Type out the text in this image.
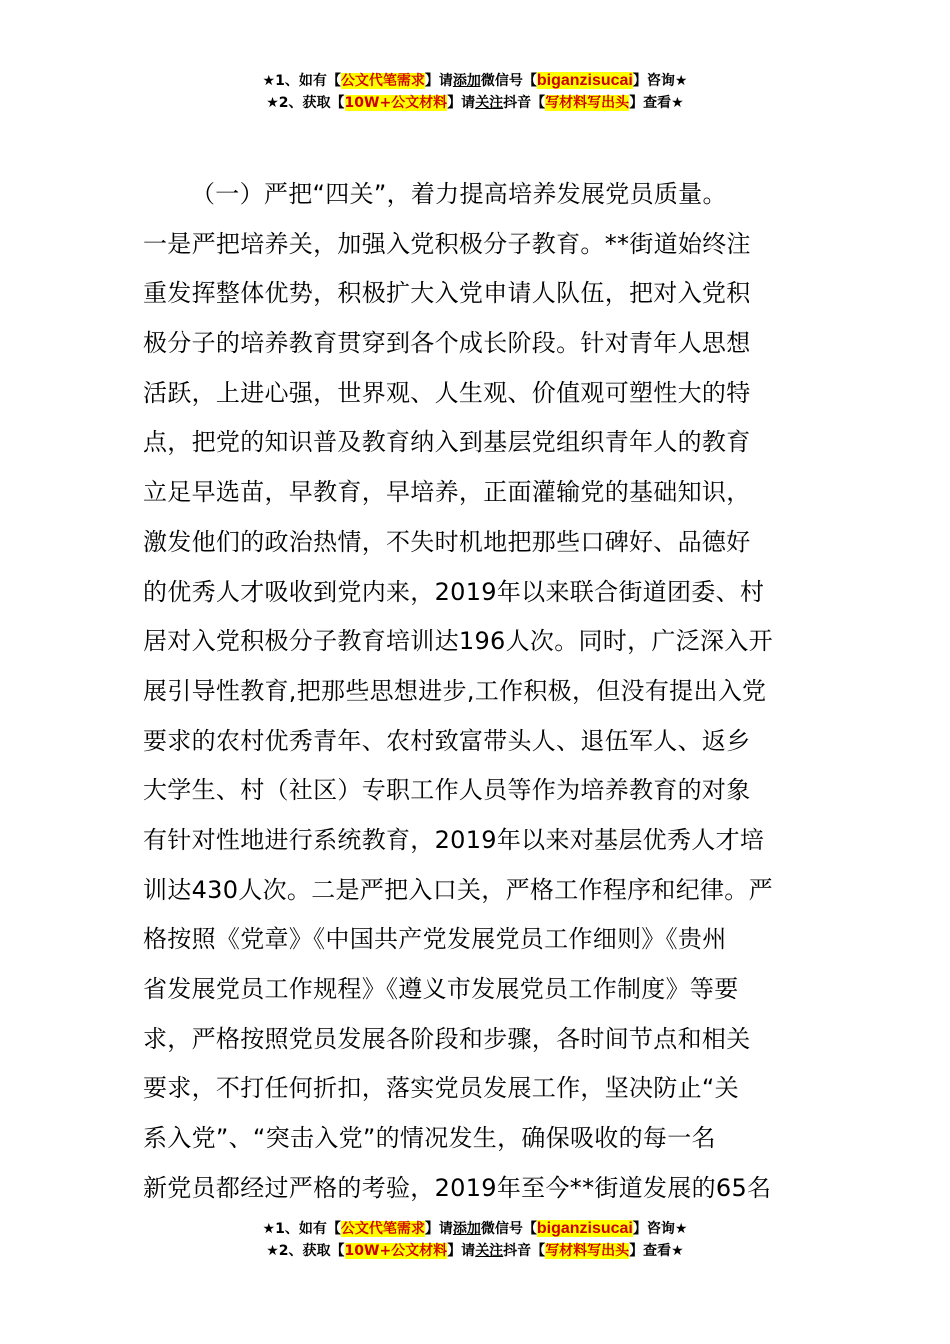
★1、如有【公文代笔需求】请添加微信号【biganzisucai】咨询★
★2、获取【10W+公文材料】请关注抖音【写材料写出头】查看★
（一）严把“四关”，着力提高培养发展党员质量。
一是严把培养关，加强入党积极分子教育。**街道始终注
重发挥整体优势，积极扩大入党申请人队伍，把对入党积
极分子的培养教育贯穿到各个成长阶段。针对青年人思想
活跃，上进心强，世界观、人生观、价值观可塑性大的特
点，把党的知识普及教育纳入到基层党组织青年人的教育
立足早选苗，早教育，早培养，正面灌输党的基础知识，
激发他们的政治热情，不失时机地把那些口碑好、品德好
的优秀人才吸收到党内来，2019年以来联合街道团委、村
居对入党积极分子教育培训达196人次。同时，广泛深入开
展引导性教育,把那些思想进步,工作积极，但没有提出入党
要求的农村优秀青年、农村致富带头人、退伍军人、返乡
大学生、村（社区）专职工作人员等作为培养教育的对象
有针对性地进行系统教育，2019年以来对基层优秀人才培
训达430人次。二是严把入口关，严格工作程序和纪律。严
格按照《党章》《中国共产党发展党员工作细则》《贵州
省发展党员工作规程》《遵义市发展党员工作制度》等要
求，严格按照党员发展各阶段和步骤，各时间节点和相关
要求，不打任何折扣，落实党员发展工作，坚决防止“关
系入党”、“突击入党”的情况发生，确保吸收的每一名
新党员都经过严格的考验，2019年至今**街道发展的65名
★1、如有【公文代笔需求】请添加微信号【biganzisucai】咨询★
★2、获取【10W+公文材料】请关注抖音【写材料写出头】查看★
